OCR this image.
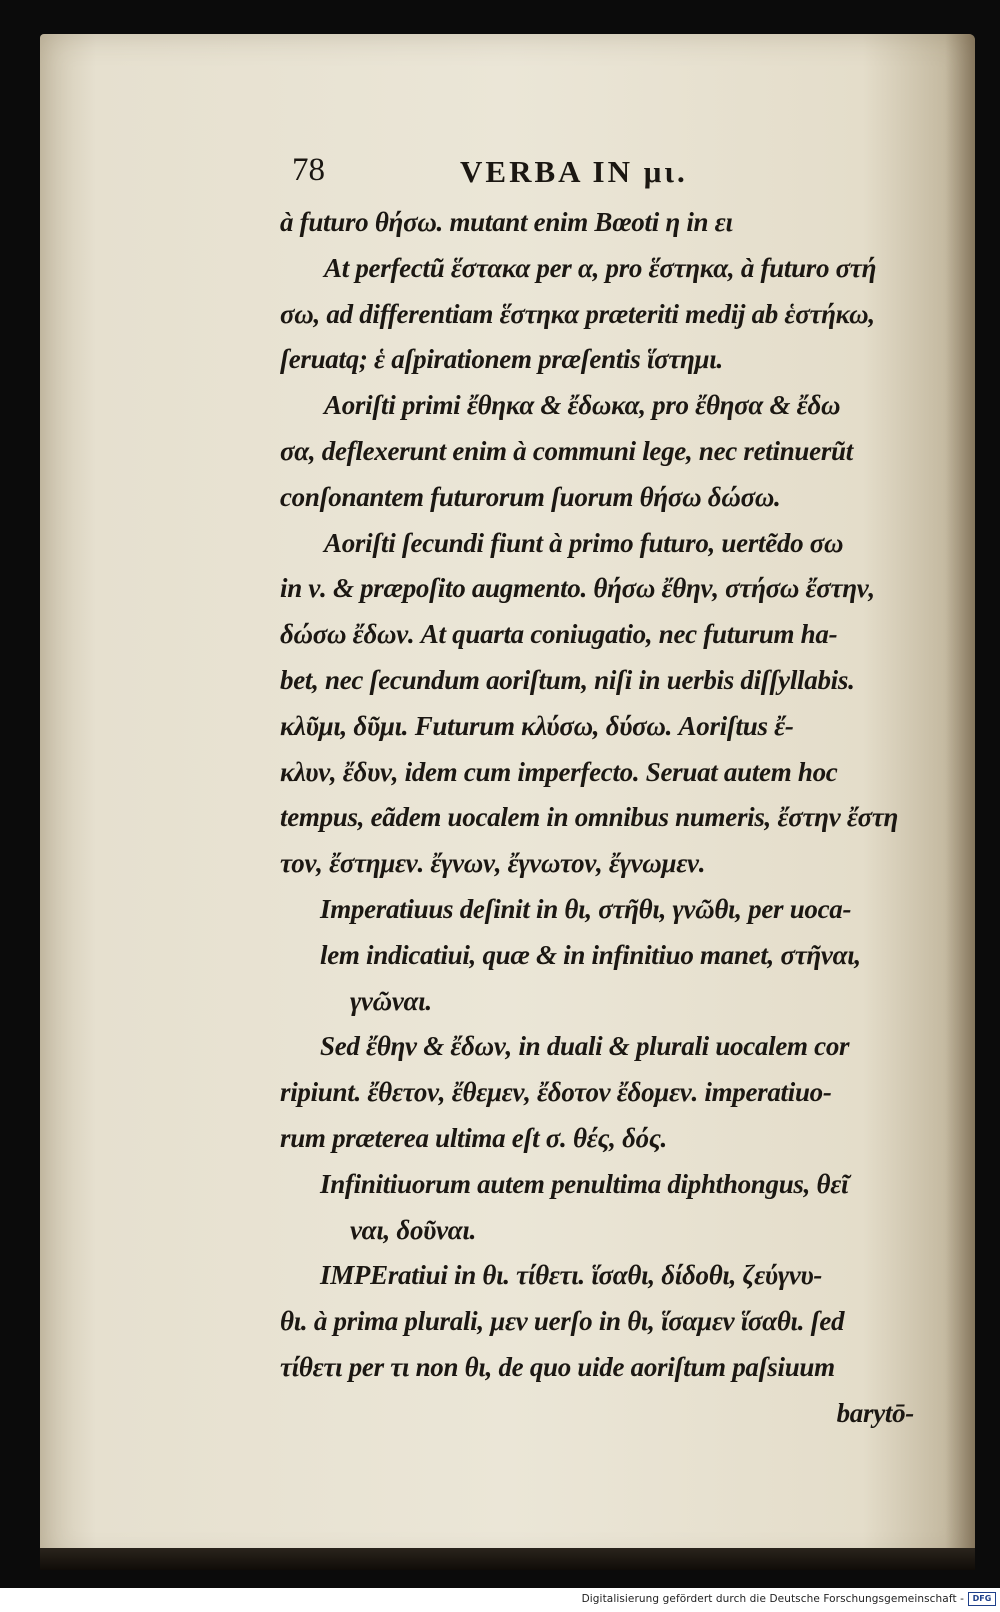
78	VERBA IN μι.
à futuro θήσω. mutant enim Bœoti η in ει
At perfectũ ἕστακα per α, pro ἕστηκα, à futuro στή
σω, ad differentiam ἕστηκα præteriti medij ab ἑστήκω,
ſeruatq; ἑ aſpirationem præſentis ἵστημι.
Aoriſti primi ἔθηκα & ἔδωκα, pro ἔθησα & ἔδω
σα, deflexerunt enim à communi lege, nec retinuerũt
conſonantem futurorum ſuorum θήσω δώσω.
Aoriſti ſecundi fiunt à primo futuro, uertẽdo σω
in ν. & præpoſito augmento. θήσω ἔθην, στήσω ἔστην,
δώσω ἔδων. At quarta coniugatio, nec futurum ha-
bet, nec ſecundum aoriſtum, niſi in uerbis diſſyllabis.
κλῦμι, δῦμι. Futurum κλύσω, δύσω. Aoriſtus ἔ-
κλυν, ἔδυν, idem cum imperfecto. Seruat autem hoc
tempus, eãdem uocalem in omnibus numeris, ἔστην ἔστη
τον, ἔστημεν. ἔγνων, ἔγνωτον, ἔγνωμεν.
Imperatiuus deſinit in θι, στῆθι, γνῶθι, per uoca-
lem indicatiui, quæ & in infinitiuo manet, στῆναι,
γνῶναι.
Sed ἔθην & ἔδων, in duali & plurali uocalem cor
ripiunt. ἔθετον, ἔθεμεν, ἔδοτον ἔδομεν. imperatiuo-
rum præterea ultima eſt σ. θές, δός.
Infinitiuorum autem penultima diphthongus, θεῖ
ναι, δοῦναι.
IMPEratiui in θι. τίθετι. ἵσαθι, δίδοθι, ζεύγνυ-
θι. à prima plurali, μεν uerſo in θι, ἵσαμεν ἵσαθι. ſed
τίθετι per τι non θι, de quo uide aoriſtum paſsiuum
barytō-
Digitalisierung gefördert durch die Deutsche Forschungsgemeinschaft -	DFG
